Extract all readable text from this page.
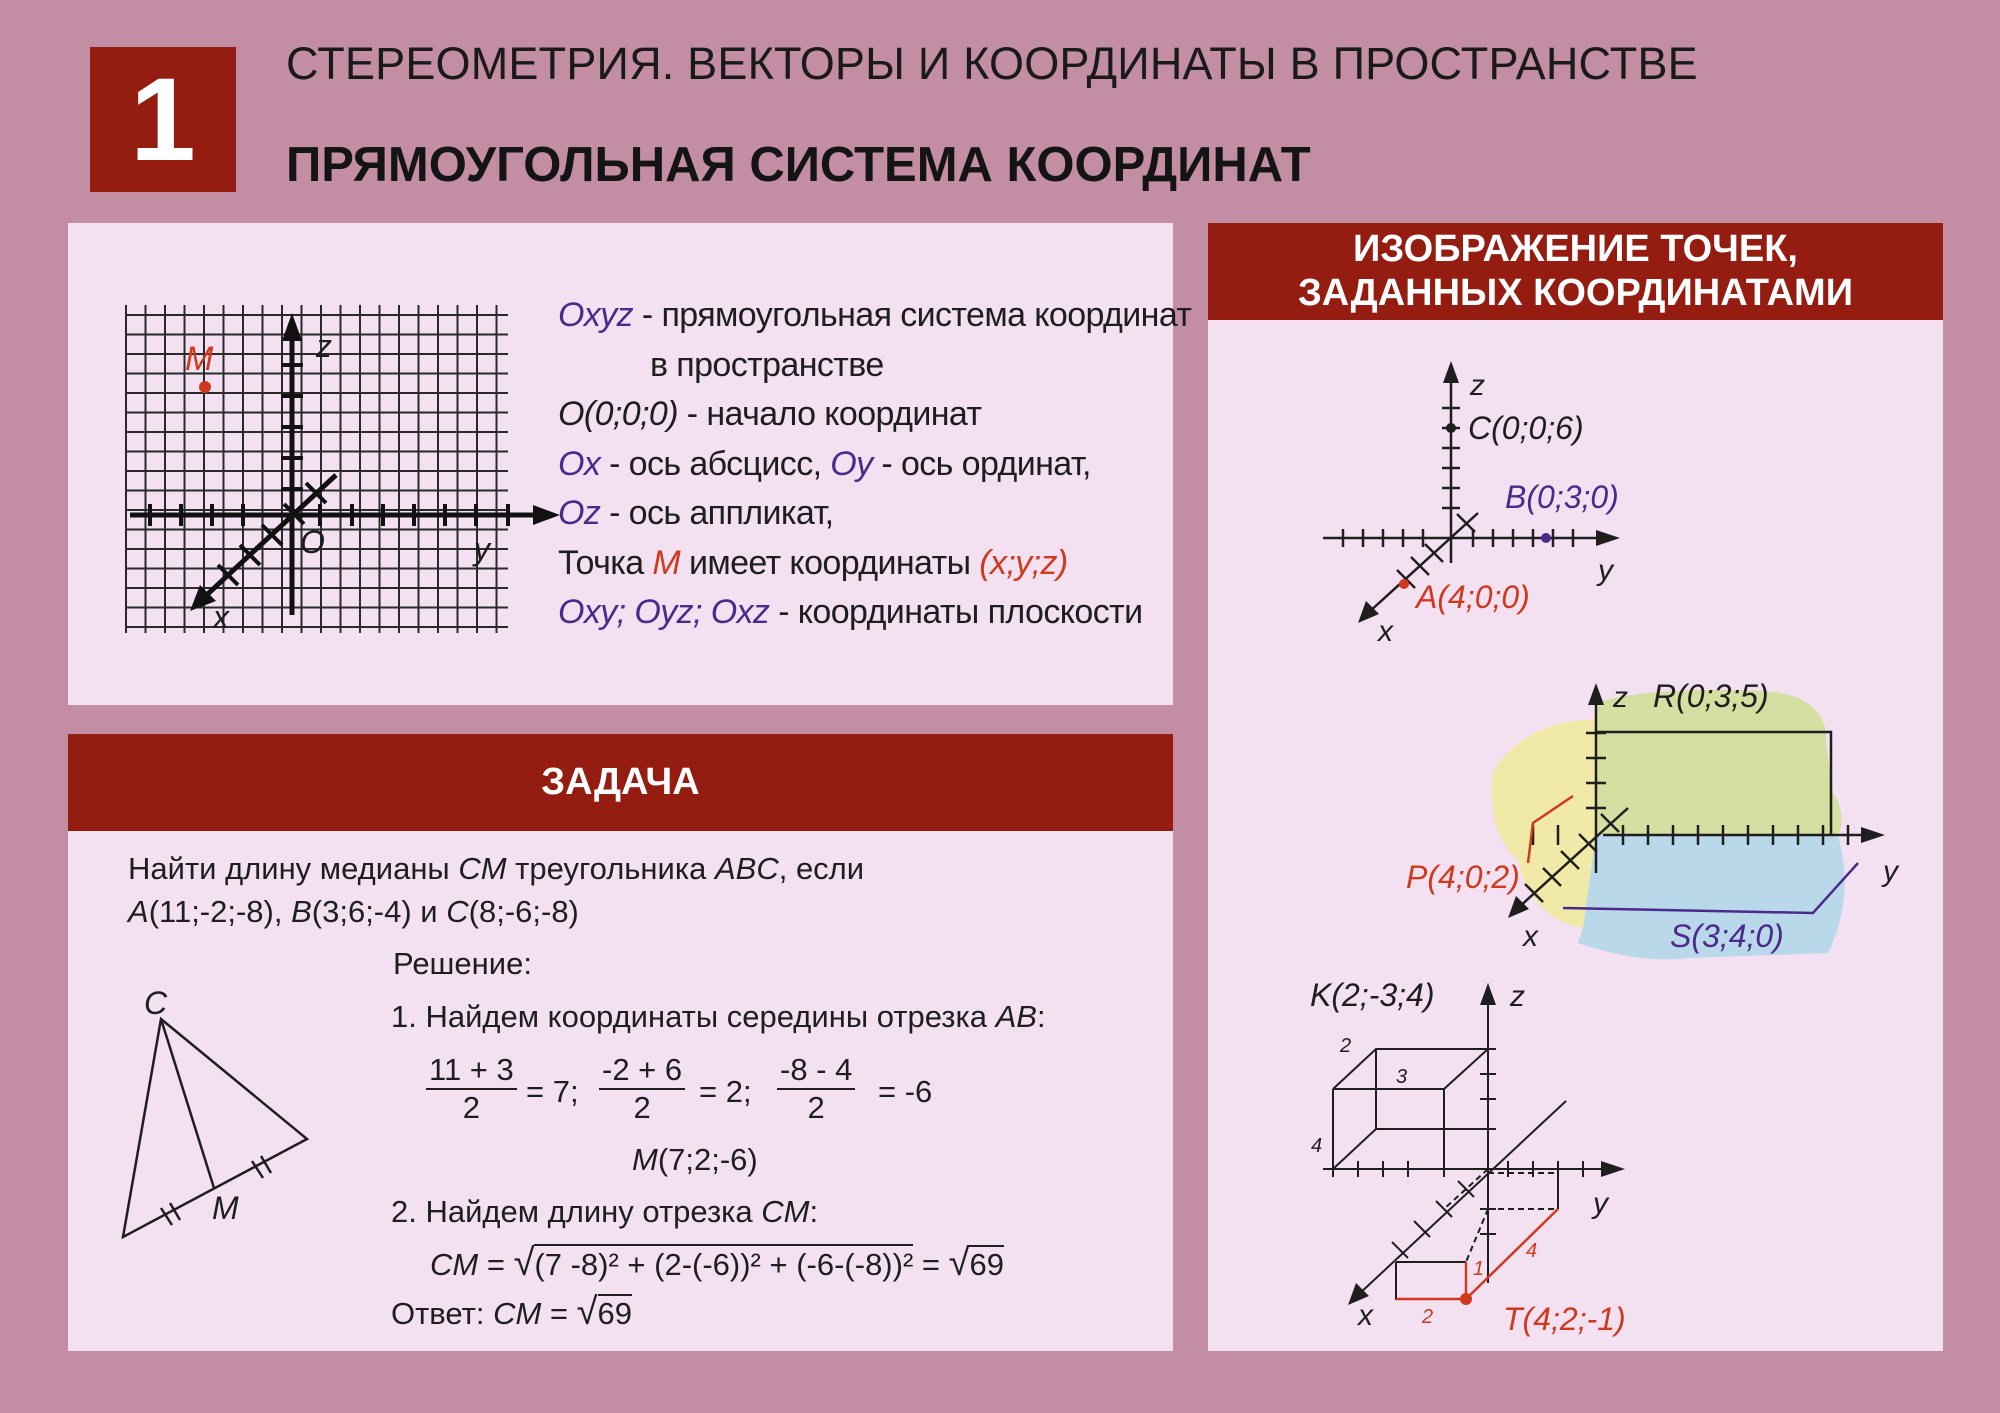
1 СТЕРЕОМЕТРИЯ. ВЕКТОРЫ И КООРДИНАТЫ В ПРОСТРАНСТВЕ
ПРЯМОУГОЛЬНАЯ СИСТЕМА КООРДИНАТ
M	z
y
x
O
Oxyz - прямоугольная система координат
в пространстве
O(0;0;0) - начало координат
Ox - ось абсцисс, Oy - ось ординат,
Oz - ось аппликат,
Точка M имеет координаты (x;y;z)
Oxy; Oyz; Oxz - координаты плоскости
ЗАДАЧА
Найти длину медианы CM треугольника ABC, если
A(11;-2;-8), B(3;6;-4) и C(8;-6;-8)
Решение:
1. Найдем координаты середины отрезка AB:
$\frac{11 + 3}{2} = 7$; $\frac{-2 + 6}{2} = 2$; $\frac{-8 - 4}{2} = -6$
M(7;2;-6)
2. Найдем длину отрезка CM:
CM = √(7 -8)² + (2-(-6))² + (-6-(-8))² = √69
Ответ: CM = √69
C
M
ИЗОБРАЖЕНИЕ ТОЧЕК,
ЗАДАННЫХ КООРДИНАТАМИ
z
y
x
C(0;0;6)
B(0;3;0)
A(4;0;0)
z R(0;3;5)
y
P(4;0;2)
S(3;4;0)
x
z
y
x
K(2;-3;4)
T(4;2;-1)
2
3
4
1
4
2
